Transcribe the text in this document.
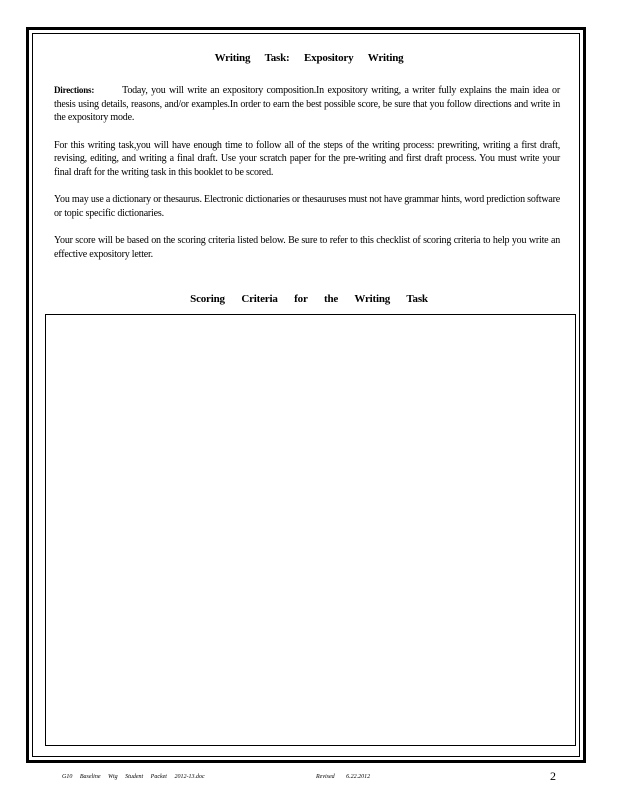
Writing Task: Expository Writing

Directions:	Today, you will write an expository composition.In expository writing, a writer fully explains the main idea or thesis using details, reasons, and/or examples.In order to earn the best possible score, be sure that you follow directions and write in the expository mode.

For this writing task,you will have enough time to follow all of the steps of the writing process: prewriting, writing a first draft, revising, editing, and writing a final draft. Use your scratch paper for the pre-writing and first draft process. You must write your final draft for the writing task in this booklet to be scored.

You may use a dictionary or thesaurus. Electronic dictionaries or thesauruses must not have grammar hints, word prediction software or topic specific dictionaries.

Your score will be based on the scoring criteria listed below. Be sure to refer to this checklist of scoring criteria to help you write an effective expository letter.

Scoring Criteria for the Writing Task
G10 Baseline Wtg Student Packet 2012-13.doc	Revised 6.22.2012	2
